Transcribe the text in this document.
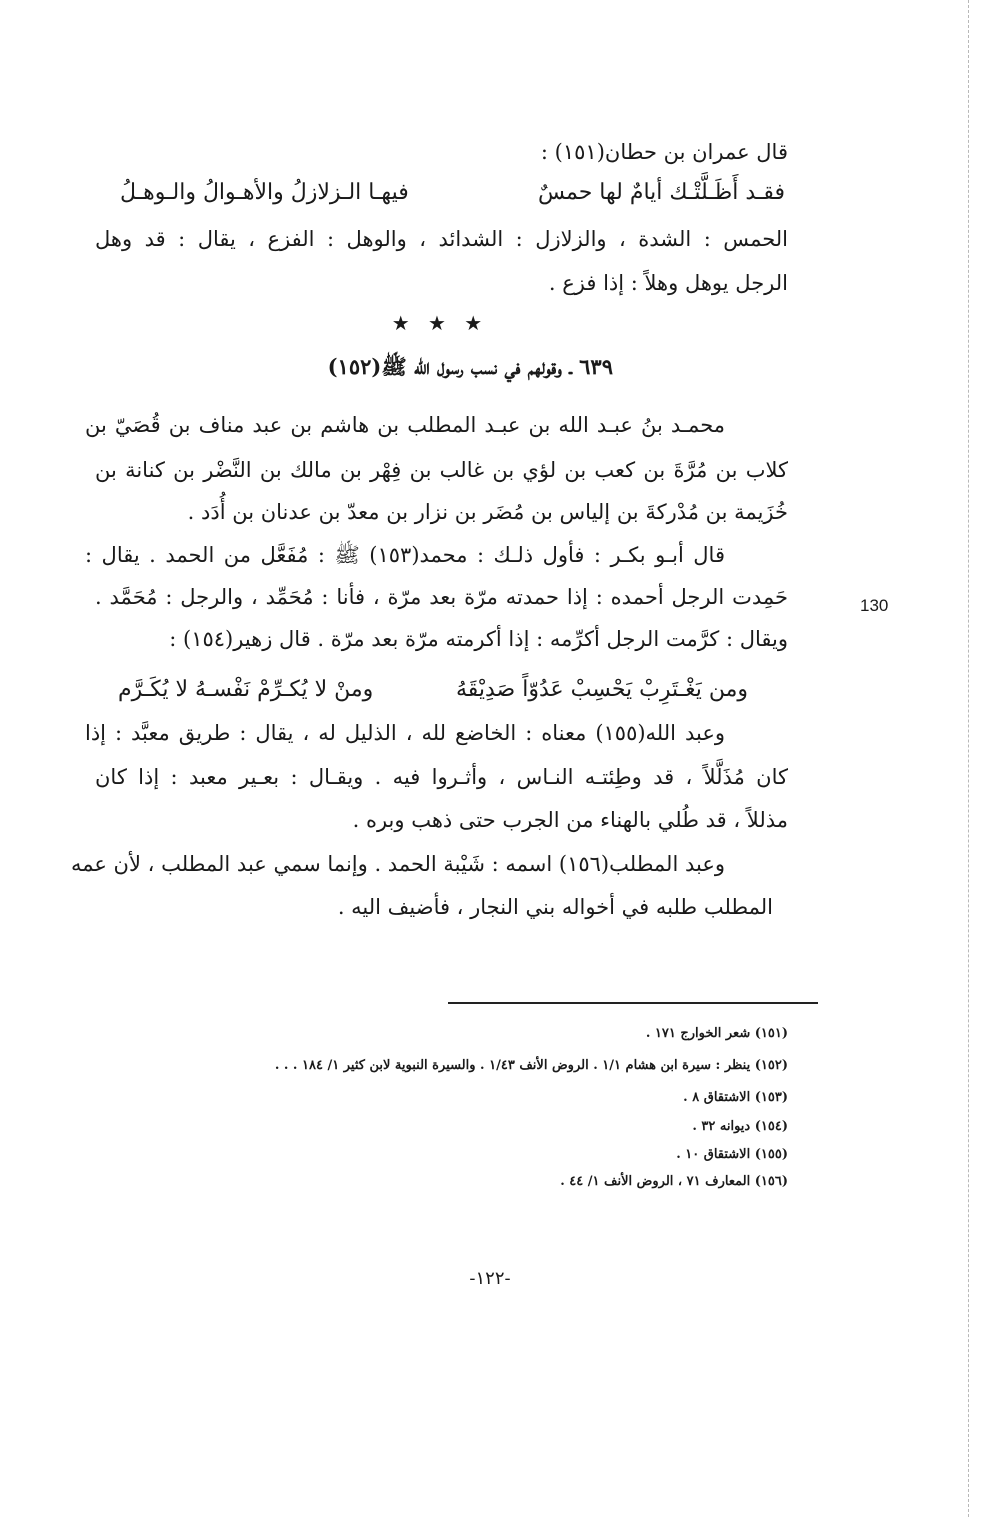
قال عمران بن حطان(١٥١) :
فقـد أَظَـلَّتْـك أيامٌ لها حمسٌ
فيهـا الـزلازلُ والأهـوالُ والـوهـلُ
الحمس : الشدة ، والزلازل : الشدائد ، والوهل : الفزع ، يقال : قد وهل
الرجل يوهل وهلاً : إذا فزع .
★ ★ ★
٦٣٩ ـ وقولهم في نسب رسول الله ﷺ(١٥٢)
محمـد بنُ عبـد الله بن عبـد المطلب بن هاشم بن عبد مناف بن قُصَيّ بن
كلاب بن مُرَّةَ بن كعب بن لؤي بن غالب بن فِهْر بن مالك بن النَّضْر بن كنانة بن
خُزَيمة بن مُدْركةَ بن إلياس بن مُضَر بن نزار بن معدّ بن عدنان بن أُدَد .
قال أبـو بكـر : فأول ذلـك : محمد(١٥٣) ﷺ : مُفَعَّل من الحمد . يقال :
حَمِدت الرجل أحمده : إذا حمدته مرّة بعد مرّة ، فأنا : مُحَمِّد ، والرجل : مُحَمَّد .
ويقال : كرَّمت الرجل أكرِّمه : إذا أكرمته مرّة بعد مرّة . قال زهير(١٥٤) :
130
ومن يَغْـتَرِبْ يَحْسِبْ عَدُوّاً صَدِيْقَهُ
ومنْ لا يُكـرِّمْ نَفْسـهُ لا يُكَـرَّم
وعبد الله(١٥٥) معناه : الخاضع لله ، الذليل له ، يقال : طريق معبَّد : إذا
كان مُذَلَّلاً ، قد وطِئتـه النـاس ، وأثـروا فيه . ويقـال : بعـير معبد : إذا كان
مذللاً ، قد طُلي بالهناء من الجرب حتى ذهب وبره .
وعبد المطلب(١٥٦) اسمه : شَيْبة الحمد . وإنما سمي عبد المطلب ، لأن عمه
المطلب طلبه في أخواله بني النجار ، فأضيف اليه .
(١٥١) شعر الخوارج ١٧١ .
(١٥٢) ينظر : سيرة ابن هشام ١/١ . الروض الأنف ١/٤٣ . والسيرة النبوية لابن كثير ١/ ١٨٤ . . .
(١٥٣) الاشتقاق ٨ .
(١٥٤) ديوانه ٣٢ .
(١٥٥) الاشتقاق ١٠ .
(١٥٦) المعارف ٧١ ، الروض الأنف ١/ ٤٤ .
-١٢٢-
